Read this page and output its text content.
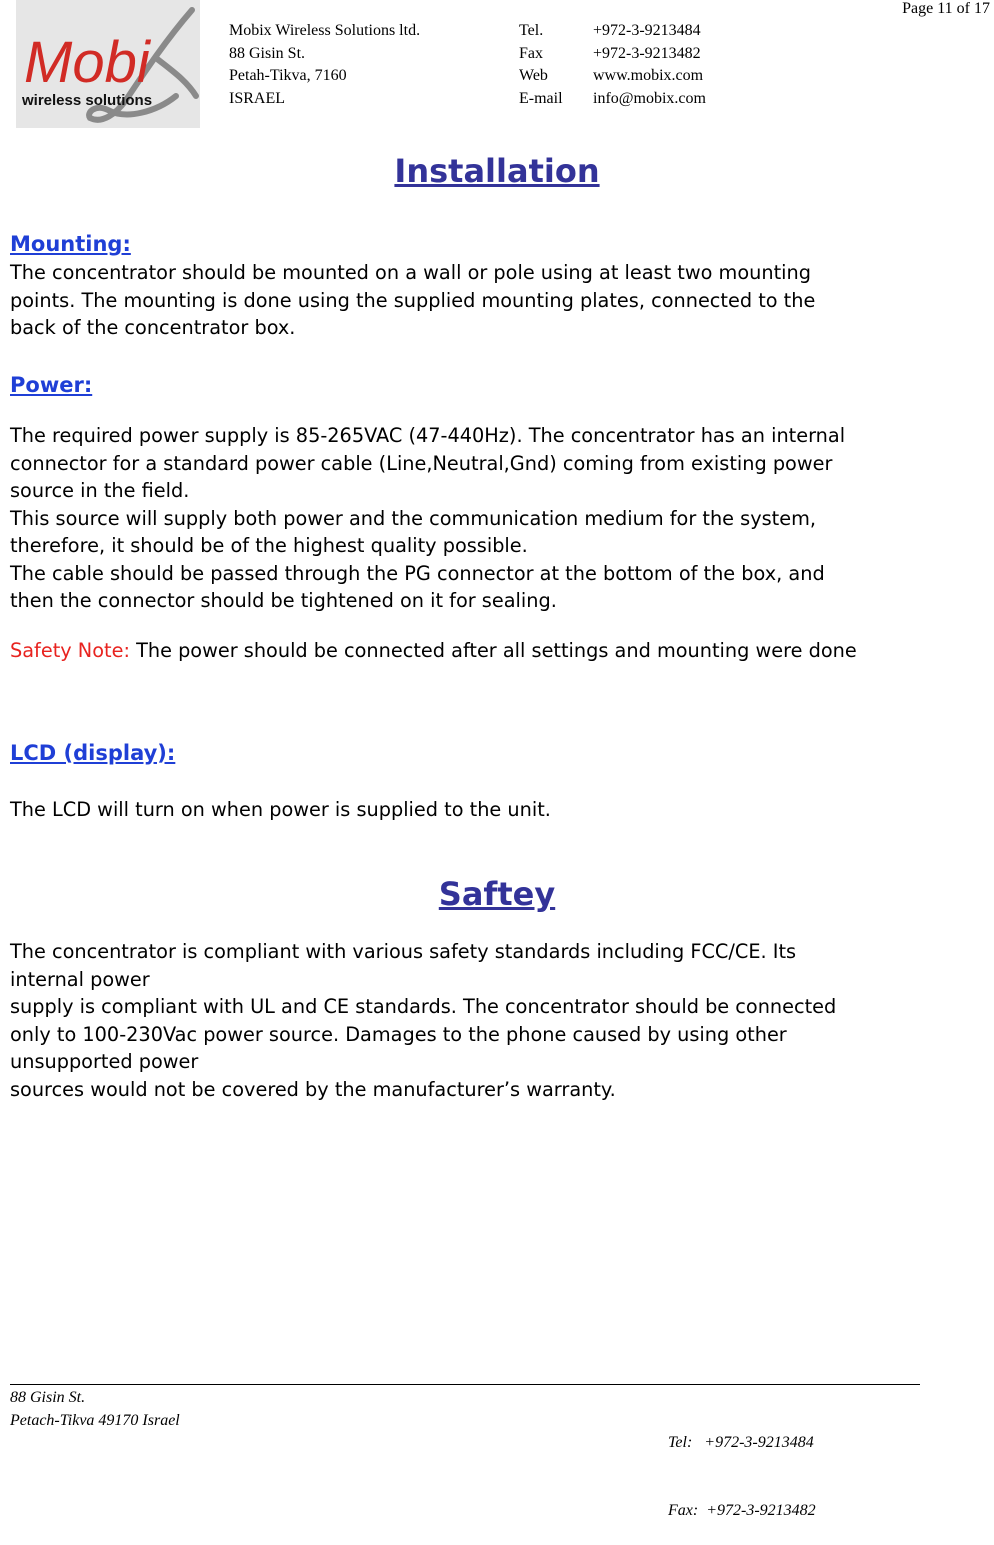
Page 11 of 17
Mobi
wireless solutions
Mobix Wireless Solutions ltd.	Tel.	+972-3-9213484
88 Gisin St.	Fax	+972-3-9213482
Petah-Tikva, 7160	Web	www.mobix.com
ISRAEL	E-mail	info@mobix.com
Installation
Mounting:
The concentrator should be mounted on a wall or pole using at least two mounting
points. The mounting is done using the supplied mounting plates, connected to the
back of the concentrator box.
Power:
The required power supply is 85-265VAC (47-440Hz). The concentrator has an internal
connector for a standard power cable (Line,Neutral,Gnd) coming from existing power
source in the field.
This source will supply both power and the communication medium for the system,
therefore, it should be of the highest quality possible.
The cable should be passed through the PG connector at the bottom of the box, and
then the connector should be tightened on it for sealing.
Safety Note: The power should be connected after all settings and mounting were done
LCD (display):
The LCD will turn on when power is supplied to the unit.
Saftey
The concentrator is compliant with various safety standards including FCC/CE. Its
internal power
supply is compliant with UL and CE standards. The concentrator should be connected
only to 100-230Vac power source. Damages to the phone caused by using other
unsupported power
sources would not be covered by the manufacturer’s warranty.
88 Gisin St.
Petach-Tikva 49170 Israel

Tel:   +972-3-9213484

Fax:  +972-3-9213482
